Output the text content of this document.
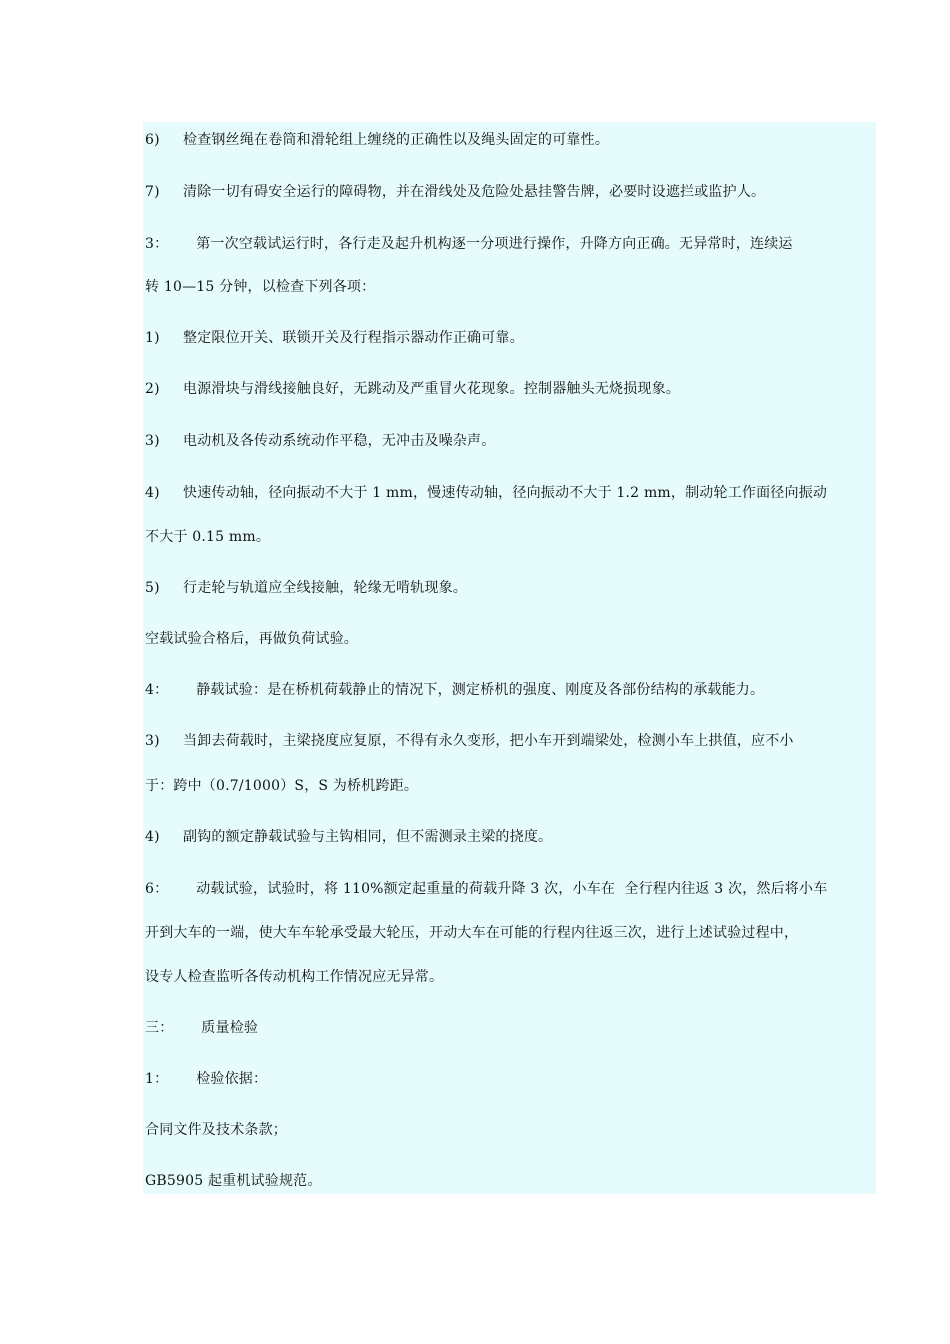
6)     检查钢丝绳在卷筒和滑轮组上缠绕的正确性以及绳头固定的可靠性。
7)     清除一切有碍安全运行的障碍物，并在滑线处及危险处悬挂警告牌，必要时设遮拦或监护人。
3：      第一次空载试运行时，各行走及起升机构逐一分项进行操作，升降方向正确。无异常时，连续运
转 10—15 分钟，以检查下列各项：
1)     整定限位开关、联锁开关及行程指示器动作正确可靠。
2)     电源滑块与滑线接触良好，无跳动及严重冒火花现象。控制器触头无烧损现象。
3)     电动机及各传动系统动作平稳，无冲击及噪杂声。
4)     快速传动轴，径向振动不大于 1 mm，慢速传动轴，径向振动不大于 1.2 mm，制动轮工作面径向振动
不大于 0.15 mm。
5)     行走轮与轨道应全线接触，轮缘无啃轨现象。
空载试验合格后，再做负荷试验。
4：      静载试验：是在桥机荷载静止的情况下，测定桥机的强度、刚度及各部份结构的承载能力。
3)     当卸去荷载时，主梁挠度应复原，不得有永久变形，把小车开到端梁处，检测小车上拱值，应不小
于：跨中（0.7/1000）S，S 为桥机跨距。
4)     副钩的额定静载试验与主钩相同，但不需测录主梁的挠度。
6：      动载试验，试验时，将 110%额定起重量的荷载升降 3 次，小车在  全行程内往返 3 次，然后将小车
开到大车的一端，使大车车轮承受最大轮压，开动大车在可能的行程内往返三次，进行上述试验过程中，
设专人检查监听各传动机构工作情况应无异常。
三：      质量检验
1：      检验依据：
合同文件及技术条款；
GB5905 起重机试验规范。
